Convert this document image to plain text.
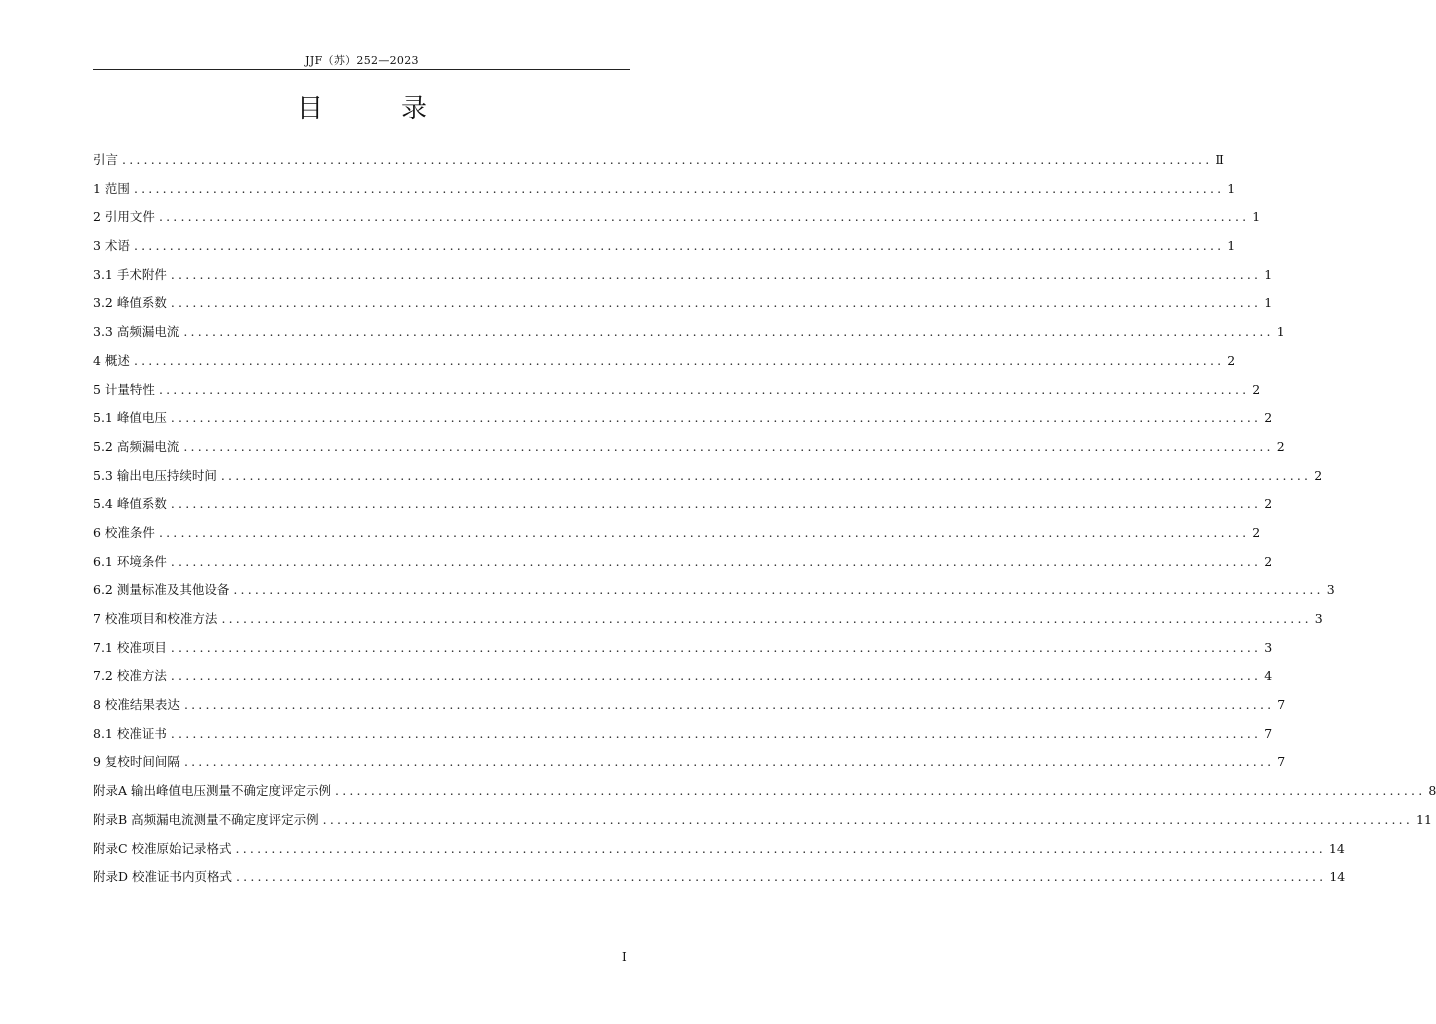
JJF（苏）252—2023
目　录
引言 ........................................................................................................................................................ Ⅱ
1 范围 ........................................................................................................................................................ 1
2 引用文件 ........................................................................................................................................................ 1
3 术语 ........................................................................................................................................................ 1
3.1 手术附件 ........................................................................................................................................................ 1
3.2 峰值系数 ........................................................................................................................................................ 1
3.3 高频漏电流 ........................................................................................................................................................ 1
4 概述 ........................................................................................................................................................ 2
5 计量特性 ........................................................................................................................................................ 2
5.1 峰值电压 ........................................................................................................................................................ 2
5.2 高频漏电流 ........................................................................................................................................................ 2
5.3 输出电压持续时间 ........................................................................................................................................................ 2
5.4 峰值系数 ........................................................................................................................................................ 2
6 校准条件 ........................................................................................................................................................ 2
6.1 环境条件 ........................................................................................................................................................ 2
6.2 测量标准及其他设备 ........................................................................................................................................................ 3
7 校准项目和校准方法 ........................................................................................................................................................ 3
7.1 校准项目 ........................................................................................................................................................ 3
7.2 校准方法 ........................................................................................................................................................ 4
8 校准结果表达 ........................................................................................................................................................ 7
8.1 校准证书 ........................................................................................................................................................ 7
9 复校时间间隔 ........................................................................................................................................................ 7
附录A 输出峰值电压测量不确定度评定示例 ........................................................................................................................................................ 8
附录B 高频漏电流测量不确定度评定示例 ........................................................................................................................................................ 11
附录C 校准原始记录格式 ........................................................................................................................................................ 14
附录D 校准证书内页格式 ........................................................................................................................................................ 14
I
